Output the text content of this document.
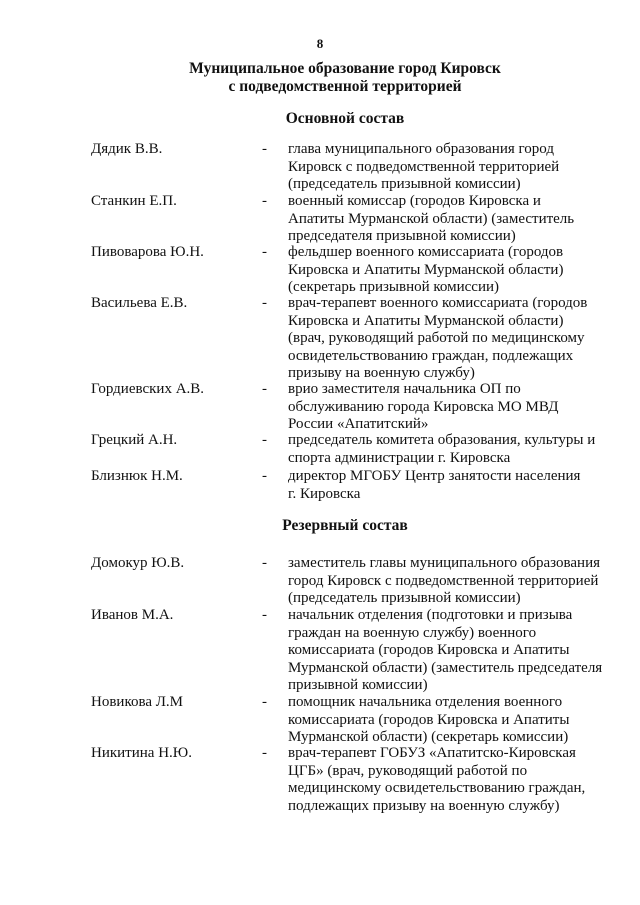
8
Муниципальное образование город Кировск
с подведомственной территорией
Основной состав
Дядик В.В.	- глава муниципального образования город
Кировск с подведомственной территорией
(председатель призывной комиссии)
Станкин Е.П.	- военный комиссар (городов Кировска и
Апатиты Мурманской области) (заместитель
председателя призывной комиссии)
Пивоварова Ю.Н.	- фельдшер военного комиссариата (городов
Кировска и Апатиты Мурманской области)
(секретарь призывной комиссии)
Васильева Е.В.	- врач-терапевт военного комиссариата (городов
Кировска и Апатиты Мурманской области)
(врач, руководящий работой по медицинскому
освидетельствованию граждан, подлежащих
призыву на военную службу)
Гордиевских А.В.	- врио заместителя начальника ОП по
обслуживанию города Кировска МО МВД
России «Апатитский»
Грецкий А.Н.	- председатель комитета образования, культуры и
спорта администрации г. Кировска
Близнюк Н.М.	- директор МГОБУ Центр занятости населения
г. Кировска
Резервный состав
Домокур Ю.В.	- заместитель главы муниципального образования
город Кировск с подведомственной территорией
(председатель призывной комиссии)
Иванов М.А.	- начальник отделения (подготовки и призыва
граждан на военную службу) военного
комиссариата (городов Кировска и Апатиты
Мурманской области) (заместитель председателя
призывной комиссии)
Новикова Л.М	- помощник начальника отделения военного
комиссариата (городов Кировска и Апатиты
Мурманской области) (секретарь комиссии)
Никитина Н.Ю.	- врач-терапевт ГОБУЗ «Апатитско-Кировская
ЦГБ» (врач, руководящий работой по
медицинскому освидетельствованию граждан,
подлежащих призыву на военную службу)
